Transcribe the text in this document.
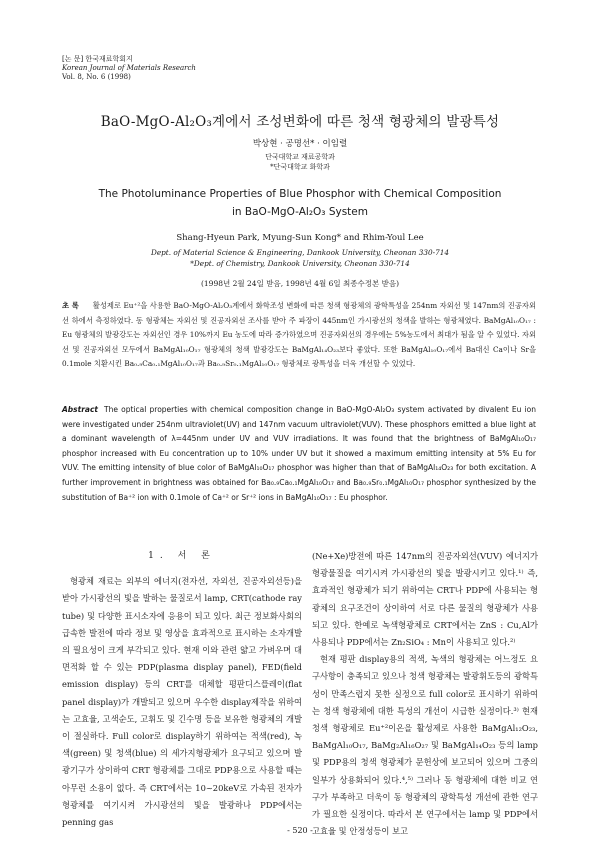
[논 문] 한국재료학회지
Korean Journal of Materials Research
Vol. 8, No. 6 (1998)
BaO-MgO-Al₂O₃계에서 조성변화에 따른 청색 형광체의 발광특성
박상현 · 공명선* · 이임렬
단국대학교 재료공학과
*단국대학교 화학과
The Photoluminance Properties of Blue Phosphor with Chemical Composition
in BaO-MgO-Al₂O₃ System
Shang-Hyeun Park, Myung-Sun Kong* and Rhim-Youl Lee
Dept. of Material Science & Engineering, Dankook University, Cheonan 330-714
*Dept. of Chemistry, Dankook University, Cheonan 330-714
(1998년 2월 24일 받음, 1998년 4월 6일 최종수정본 받음)
초 록 활성제로 Eu⁺²을 사용한 BaO-MgO-Al₂O₃계에서 화학조성 변화에 따른 청색 형광체의 광학특성을 254nm 자외선 및 147nm의 진공자외선 하에서 측정하였다. 동 형광체는 자외선 및 진공자외선 조사를 받아 주 파장이 445nm인 가시광선의 청색을 발하는 형광체였다. BaMgAl₁₀O₁₇ : Eu 형광체의 발광강도는 자외선인 경우 10%까지 Eu 농도에 따라 증가하였으며 진공자외선의 경우에는 5%농도에서 최대가 됨을 알 수 있었다. 자외선 및 진공자외선 모두에서 BaMgAl₁₀O₁₇ 형광체의 청색 발광강도는 BaMgAl₁₄O₂₃보다 좋았다. 또한 BaMgAl₁₀O₁₇에서 Ba대신 Ca이나 Sr을 0.1mole 치환시킨 Ba₀.₉Ca₀.₁MgAl₁₀O₁₇과 Ba₀.₉Sr₀.₁MgAl₁₀O₁₇ 형광체로 광특성을 더욱 개선할 수 있었다.
Abstract The optical properties with chemical composition change in BaO-MgO-Al₂O₃ system activated by divalent Eu ion were investigated under 254nm ultraviolet(UV) and 147nm vacuum ultraviolet(VUV). These phosphors emitted a blue light at a dominant wavelength of λ=445nm under UV and VUV irradiations. It was found that the brightness of BaMgAl₁₀O₁₇ phosphor increased with Eu concentration up to 10% under UV but it showed a maximum emitting intensity at 5% Eu for VUV. The emitting intensity of blue color of BaMgAl₁₀O₁₇ phosphor was higher than that of BaMgAl₁₄O₂₃ for both excitation. A further improvement in brightness was obtained for Ba₀.₉Ca₀.₁MgAl₁₀O₁₇ and Ba₀.₉Sr₀.₁MgAl₁₀O₁₇ phosphor synthesized by the substitution of Ba⁺² ion with 0.1mole of Ca⁺² or Sr⁺² ions in BaMgAl₁₀O₁₇ : Eu phosphor.
1. 서 론

형광체 재료는 외부의 에너지(전자선, 자외선, 진공자외선등)을 받아 가시광선의 빛을 발하는 물질로서 lamp, CRT(cathode ray tube) 및 다양한 표시소자에 응용이 되고 있다. 최근 정보화사회의 급속한 발전에 따라 정보 및 영상을 효과적으로 표시하는 소자개발의 필요성이 크게 부각되고 있다. 현재 이와 관련 얇고 가벼우며 대면적화 할 수 있는 PDP(plasma display panel), FED(field emission display) 등의 CRT를 대체할 평판디스플레이(flat panel display)가 개발되고 있으며 우수한 display제작을 위하여는 고효율, 고색순도, 고휘도 및 긴수명 등을 보유한 형광체의 개발이 절실하다. Full color로 display하기 위하여는 적색(red), 녹색(green) 및 청색(blue) 의 세가지형광체가 요구되고 있으며 발광기구가 상이하여 CRT 형광체를 그대로 PDP용으로 사용할 때는 아무런 소용이 없다. 즉 CRT에서는 10~20keV로 가속된 전자가 형광체를 여기시켜 가시광선의 빛을 발광하나 PDP에서는 penning gas

(Ne+Xe)방전에 따른 147nm의 진공자외선(VUV) 에너지가 형광물질을 여기시켜 가시광선의 빛을 발광시키고 있다.¹⁾ 즉, 효과적인 형광체가 되기 위하여는 CRT나 PDP에 사용되는 형광체의 요구조건이 상이하여 서로 다른 물질의 형광체가 사용되고 있다. 한예로 녹색형광체로 CRT에서는 ZnS : Cu,Al가 사용되나 PDP에서는 Zn₂SiO₄ : Mn이 사용되고 있다.²⁾

현재 평판 display용의 적색, 녹색의 형광체는 어느정도 요구사항이 충족되고 있으나 청색 형광체는 발광휘도등의 광학특성이 만족스럽지 못한 실정으로 full color로 표시하기 위하여는 청색 형광체에 대한 특성의 개선이 시급한 실정이다.³⁾ 현재 청색 형광체로 Eu⁺²이온을 활성제로 사용한 BaMgAl₁₂O₂₃, BaMgAl₁₀O₁₇, BaMg₂Al₁₆O₂₇ 및 BaMgAl₁₄O₂₃ 등의 lamp 및 PDP용의 청색 형광체가 문헌상에 보고되어 있으며 그중의 일부가 상용화되어 있다.⁴,⁵⁾ 그러나 동 형광체에 대한 비교 연구가 부족하고 더욱이 동 형광체의 광학특성 개선에 관한 연구가 필요한 실정이다. 따라서 본 연구에서는 lamp 및 PDP에서 고효율 및 안정성등이 보고

- 520 -
